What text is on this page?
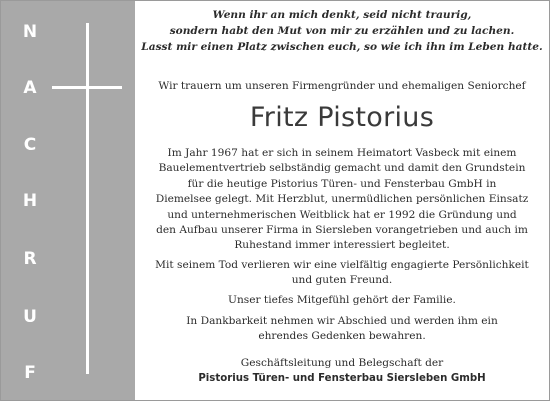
N
A
C
H
R
U
F
Wenn ihr an mich denkt, seid nicht traurig,
sondern habt den Mut von mir zu erzählen und zu lachen.
Lasst mir einen Platz zwischen euch, so wie ich ihn im Leben hatte.
Wir trauern um unseren Firmengründer und ehemaligen Seniorchef
Fritz Pistorius
Im Jahr 1967 hat er sich in seinem Heimatort Vasbeck mit einem
Bauelementvertrieb selbständig gemacht und damit den Grundstein
für die heutige Pistorius Türen- und Fensterbau GmbH in
Diemelsee gelegt. Mit Herzblut, unermüdlichen persönlichen Einsatz
und unternehmerischen Weitblick hat er 1992 die Gründung und
den Aufbau unserer Firma in Siersleben vorangetrieben und auch im
Ruhestand immer interessiert begleitet.
Mit seinem Tod verlieren wir eine vielfältig engagierte Persönlichkeit
und guten Freund.
Unser tiefes Mitgefühl gehört der Familie.
In Dankbarkeit nehmen wir Abschied und werden ihm ein
ehrendes Gedenken bewahren.
Geschäftsleitung und Belegschaft der
Pistorius Türen- und Fensterbau Siersleben GmbH
